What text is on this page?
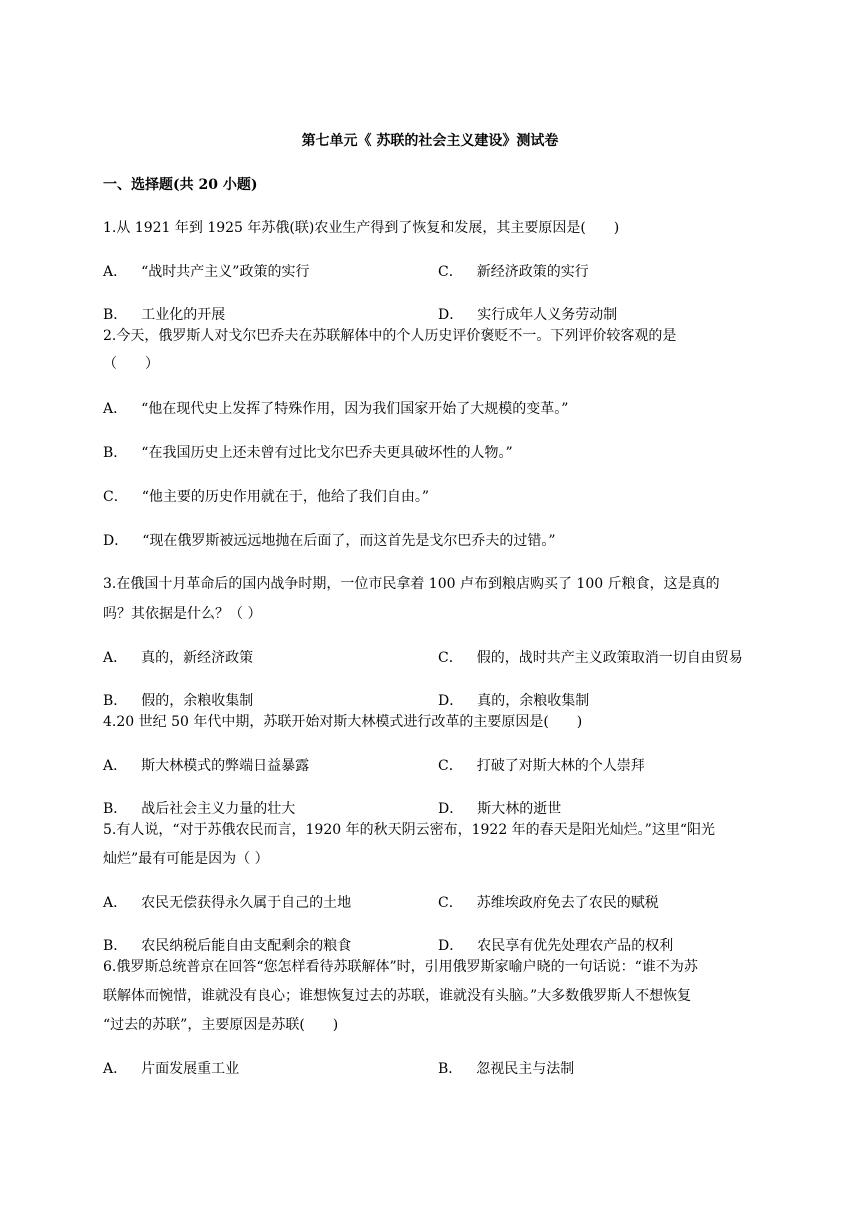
第七单元《 苏联的社会主义建设》测试卷
一、选择题(共 20 小题)
1.从 1921 年到 1925 年苏俄(联)农业生产得到了恢复和发展，其主要原因是(　　)
A． “战时共产主义”政策的实行	C． 新经济政策的实行
B． 工业化的开展	D． 实行成年人义务劳动制
2.今天，俄罗斯人对戈尔巴乔夫在苏联解体中的个人历史评价褒贬不一。下列评价较客观的是
（　　）
A． “他在现代史上发挥了特殊作用，因为我们国家开始了大规模的变革。”
B． “在我国历史上还未曾有过比戈尔巴乔夫更具破坏性的人物。”
C． “他主要的历史作用就在于，他给了我们自由。”
D． “现在俄罗斯被远远地抛在后面了，而这首先是戈尔巴乔夫的过错。”
3.在俄国十月革命后的国内战争时期，一位市民拿着 100 卢布到粮店购买了 100 斤粮食，这是真的
吗？其依据是什么？（ ）
A． 真的，新经济政策	C． 假的，战时共产主义政策取消一切自由贸易
B． 假的，余粮收集制	D． 真的，余粮收集制
4.20 世纪 50 年代中期，苏联开始对斯大林模式进行改革的主要原因是(　　)
A． 斯大林模式的弊端日益暴露	C． 打破了对斯大林的个人崇拜
B． 战后社会主义力量的壮大	D． 斯大林的逝世
5.有人说，“对于苏俄农民而言，1920 年的秋天阴云密布，1922 年的春天是阳光灿烂。”这里“阳光
灿烂”最有可能是因为（ ）
A． 农民无偿获得永久属于自己的土地	C． 苏维埃政府免去了农民的赋税
B． 农民纳税后能自由支配剩余的粮食	D． 农民享有优先处理农产品的权利
6.俄罗斯总统普京在回答“您怎样看待苏联解体”时，引用俄罗斯家喻户晓的一句话说：“谁不为苏
联解体而惋惜，谁就没有良心；谁想恢复过去的苏联，谁就没有头脑。”大多数俄罗斯人不想恢复
“过去的苏联”，主要原因是苏联(　　)
A． 片面发展重工业	B． 忽视民主与法制
